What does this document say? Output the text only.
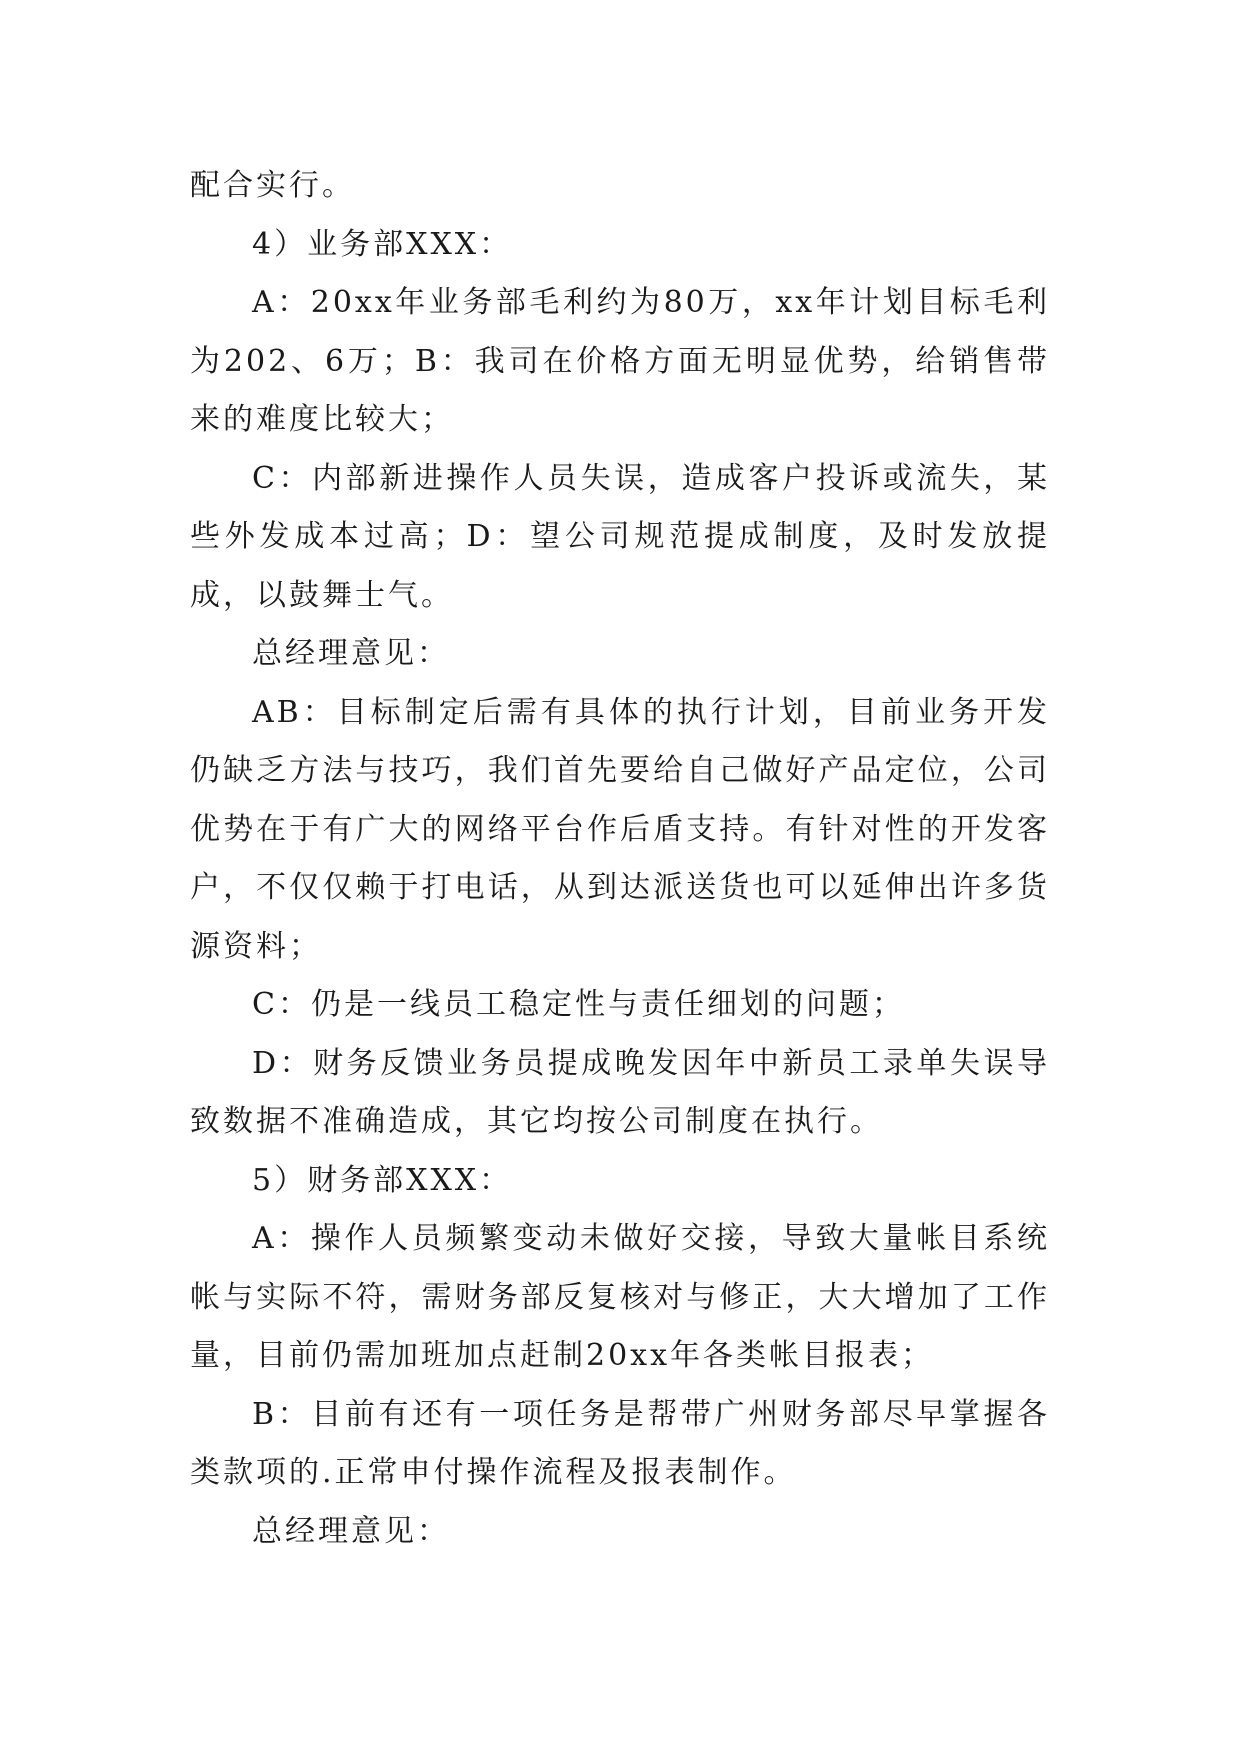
配合实行。

4）业务部XXX：

A：20xx年业务部毛利约为80万，xx年计划目标毛利为202、6万；B：我司在价格方面无明显优势，给销售带来的难度比较大；

C：内部新进操作人员失误，造成客户投诉或流失，某些外发成本过高；D：望公司规范提成制度，及时发放提成，以鼓舞士气。

总经理意见：

AB：目标制定后需有具体的执行计划，目前业务开发仍缺乏方法与技巧，我们首先要给自己做好产品定位，公司优势在于有广大的网络平台作后盾支持。有针对性的开发客户，不仅仅赖于打电话，从到达派送货也可以延伸出许多货源资料；

C：仍是一线员工稳定性与责任细划的问题；

D：财务反馈业务员提成晚发因年中新员工录单失误导致数据不准确造成，其它均按公司制度在执行。

5）财务部XXX：

A：操作人员频繁变动未做好交接，导致大量帐目系统帐与实际不符，需财务部反复核对与修正，大大增加了工作量，目前仍需加班加点赶制20xx年各类帐目报表；

B：目前有还有一项任务是帮带广州财务部尽早掌握各类款项的.正常申付操作流程及报表制作。

总经理意见：
